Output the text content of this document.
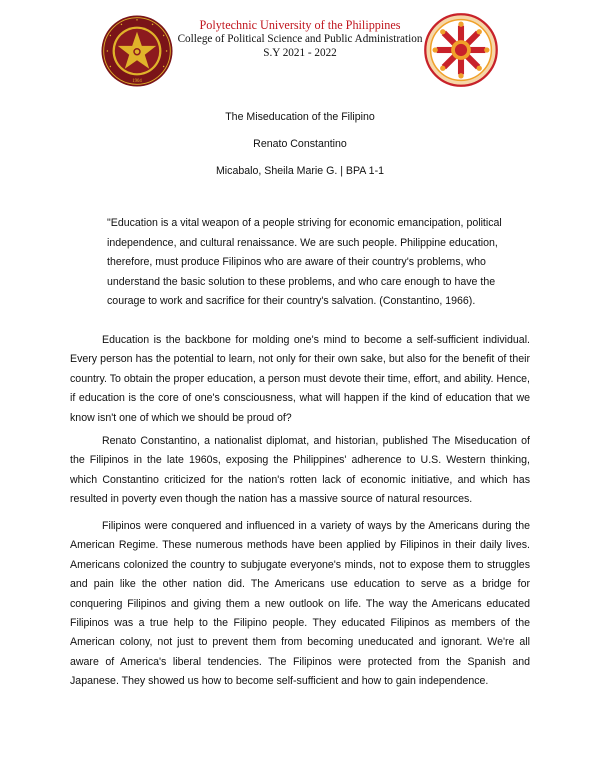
1904
Polytechnic University of the Philippines
College of Political Science and Public Administration
S.Y 2021 - 2022
The Miseducation of the Filipino
Renato Constantino
Micabalo, Sheila Marie G. | BPA 1-1
"Education is a vital weapon of a people striving for economic emancipation, political independence, and cultural renaissance. We are such people. Philippine education, therefore, must produce Filipinos who are aware of their country's problems, who understand the basic solution to these problems, and who care enough to have the courage to work and sacrifice for their country's salvation. (Constantino, 1966).
Education is the backbone for molding one's mind to become a self-sufficient individual. Every person has the potential to learn, not only for their own sake, but also for the benefit of their country. To obtain the proper education, a person must devote their time, effort, and ability. Hence, if education is the core of one's consciousness, what will happen if the kind of education that we know isn't one of which we should be proud of?
Renato Constantino, a nationalist diplomat, and historian, published The Miseducation of the Filipinos in the late 1960s, exposing the Philippines' adherence to U.S. Western thinking, which Constantino criticized for the nation's rotten lack of economic initiative, and which has resulted in poverty even though the nation has a massive source of natural resources.
Filipinos were conquered and influenced in a variety of ways by the Americans during the American Regime. These numerous methods have been applied by Filipinos in their daily lives. Americans colonized the country to subjugate everyone's minds, not to expose them to struggles and pain like the other nation did. The Americans use education to serve as a bridge for conquering Filipinos and giving them a new outlook on life. The way the Americans educated Filipinos was a true help to the Filipino people. They educated Filipinos as members of the American colony, not just to prevent them from becoming uneducated and ignorant. We're all aware of America's liberal tendencies. The Filipinos were protected from the Spanish and Japanese. They showed us how to become self-sufficient and how to gain independence.
